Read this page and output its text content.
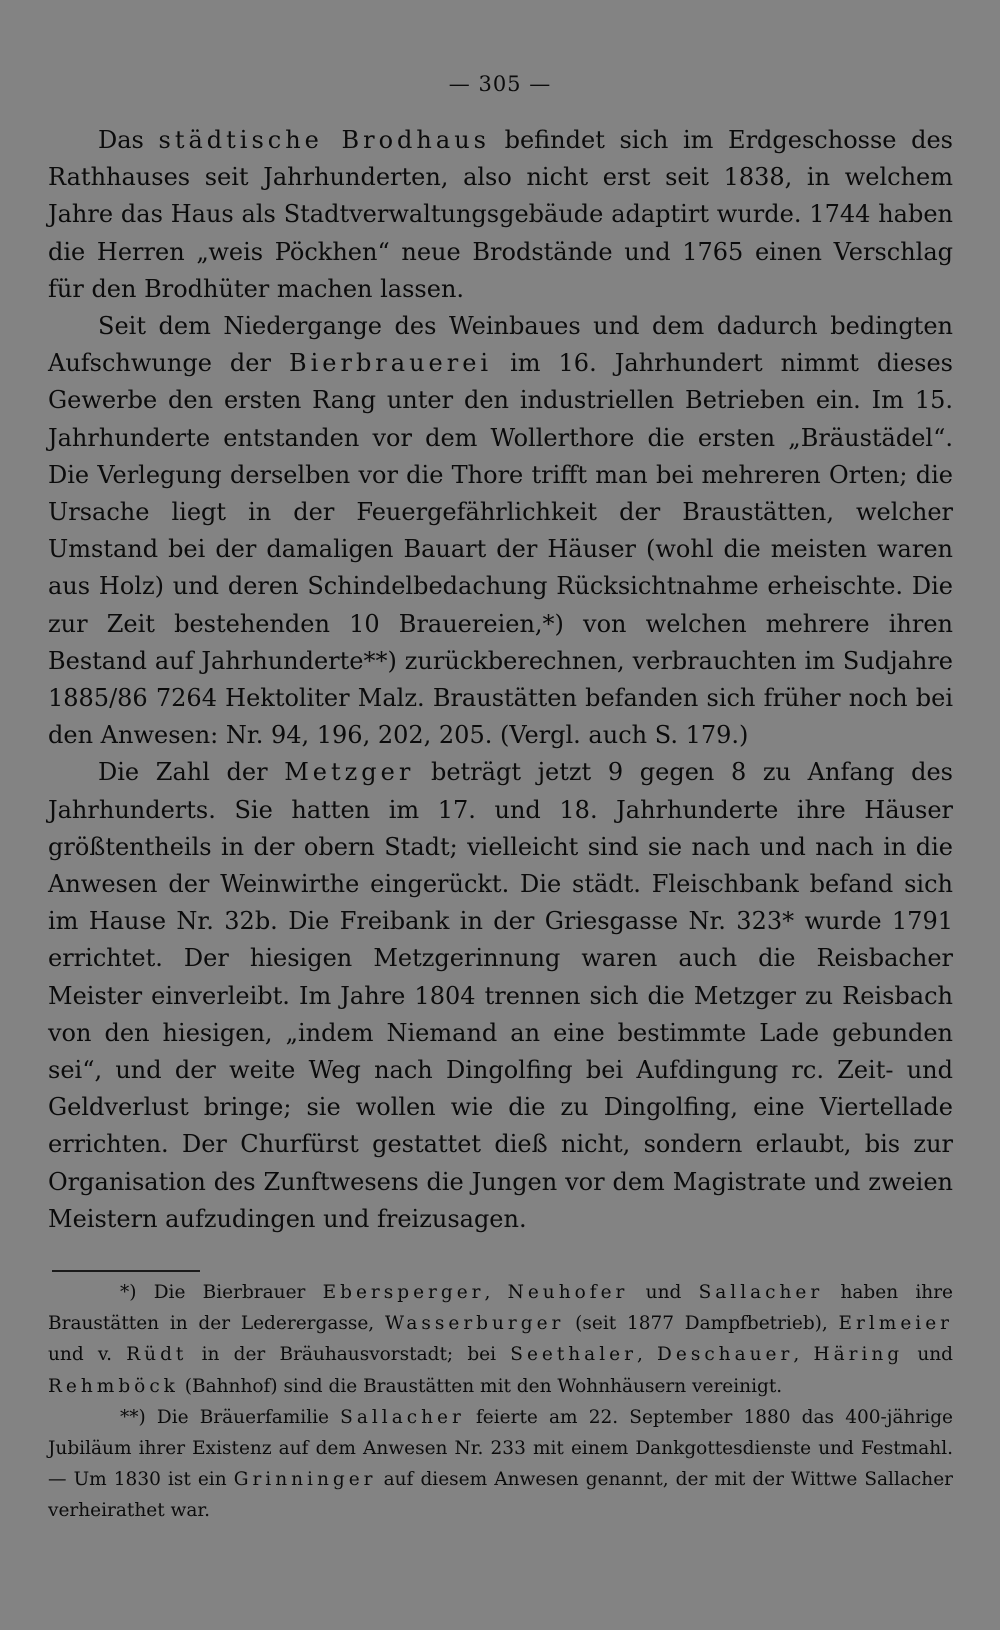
— 305 —

Das städtische Brodhaus befindet sich im Erdgeschosse des Rathhauses seit Jahrhunderten, also nicht erst seit 1838, in welchem Jahre das Haus als Stadtverwaltungsgebäude adaptirt wurde. 1744 haben die Herren „weis Pöckhen“ neue Brodstände und 1765 einen Verschlag für den Brodhüter machen lassen.

Seit dem Niedergange des Weinbaues und dem dadurch bedingten Aufschwunge der Bierbrauerei im 16. Jahrhundert nimmt dieses Gewerbe den ersten Rang unter den industriellen Betrieben ein. Im 15. Jahrhunderte entstanden vor dem Wollerthore die ersten „Bräustädel“. Die Verlegung derselben vor die Thore trifft man bei mehreren Orten; die Ursache liegt in der Feuergefährlichkeit der Braustätten, welcher Umstand bei der damaligen Bauart der Häuser (wohl die meisten waren aus Holz) und deren Schindelbedachung Rücksichtnahme erheischte. Die zur Zeit bestehenden 10 Brauereien,*) von welchen mehrere ihren Bestand auf Jahrhunderte**) zurückberechnen, verbrauchten im Sudjahre 1885/86 7264 Hektoliter Malz. Braustätten befanden sich früher noch bei den Anwesen: Nr. 94, 196, 202, 205. (Vergl. auch S. 179.)

Die Zahl der Metzger beträgt jetzt 9 gegen 8 zu Anfang des Jahrhunderts. Sie hatten im 17. und 18. Jahrhunderte ihre Häuser größtentheils in der obern Stadt; vielleicht sind sie nach und nach in die Anwesen der Weinwirthe eingerückt. Die städt. Fleischbank befand sich im Hause Nr. 32b. Die Freibank in der Griesgasse Nr. 323* wurde 1791 errichtet. Der hiesigen Metzgerinnung waren auch die Reisbacher Meister einverleibt. Im Jahre 1804 trennen sich die Metzger zu Reisbach von den hiesigen, „indem Niemand an eine bestimmte Lade gebunden sei“, und der weite Weg nach Dingolfing bei Aufdingung rc. Zeit- und Geldverlust bringe; sie wollen wie die zu Dingolfing, eine Viertellade errichten. Der Churfürst gestattet dieß nicht, sondern erlaubt, bis zur Organisation des Zunftwesens die Jungen vor dem Magistrate und zweien Meistern aufzudingen und freizusagen.

*) Die Bierbrauer Ebersperger, Neuhofer und Sallacher haben ihre Braustätten in der Lederergasse, Wasserburger (seit 1877 Dampfbetrieb), Erlmeier und v. Rüdt in der Bräuhausvorstadt; bei Seethaler, Deschauer, Häring und Rehmböck (Bahnhof) sind die Braustätten mit den Wohnhäusern vereinigt.

**) Die Bräuerfamilie Sallacher feierte am 22. September 1880 das 400-jährige Jubiläum ihrer Existenz auf dem Anwesen Nr. 233 mit einem Dankgottesdienste und Festmahl. — Um 1830 ist ein Grinninger auf diesem Anwesen genannt, der mit der Wittwe Sallacher verheirathet war.
